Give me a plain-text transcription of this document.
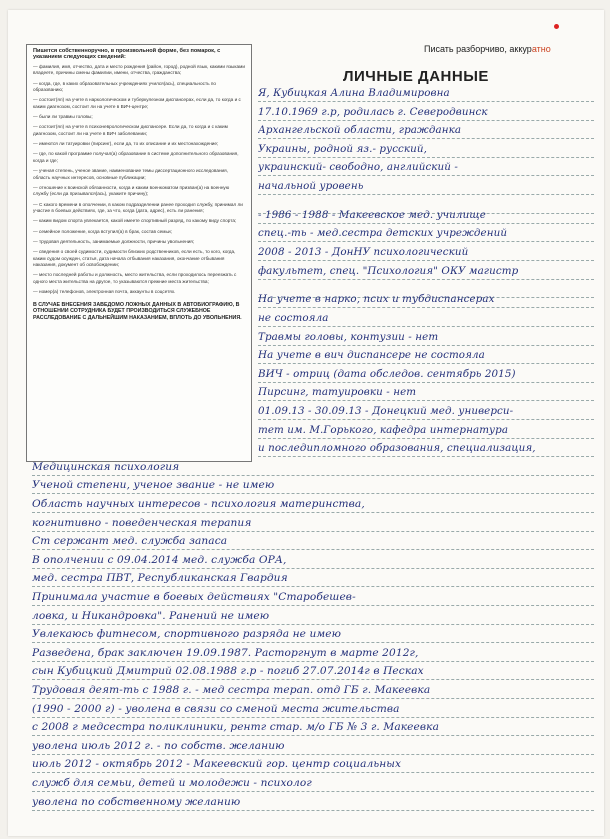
Пишется собственноручно, в произвольной форме, без помарок, с указанием следующих сведений:
— фамилия, имя, отчество, дата и место рождения (район, город), родной язык, какими языками владеете, причины смены фамилии, имени, отчества, гражданства;
— когда, где, в каких образовательных учреждениях учился(ась), специальность по образованию;
— состоит(ял) на учете в наркологическом и туберкулезном диспансерах, если да, то когда и с каким диагнозом, состоит ли на учете в ВИЧ-центре;
— были ли травмы головы;
— состоит(ял) на учете в психоневрологическом диспансере. Если да, то когда и с каким диагнозом, состоит ли на учете в ВИЧ заболевании;
— имеются ли татуировки (пирсинг), если да, то их описание и их местонахождение;
— где, по какой программе получал(а) образование в системе дополнительного образования, когда и где;
— ученая степень, ученое звание, наименование темы диссертационного исследования, область научных интересов, основные публикации;
— отношение к воинской обязанности, когда и каким военкоматом призван(а) на военную службу (если да призывался(ась), укажите причину);
— С какого времени в ополчении, в каком подразделении ранее проходил службу, принимал ли участие в боевых действиях, где, за что, когда (дата, адрес), есть ли ранения;
— каким видом спорта увлекается, какой имеете спортивный разряд, по какому виду спорта;
— семейное положение, когда вступил(а) в брак, состав семьи;
— трудовая деятельность, занимаемые должности, причины увольнения;
— сведения о своей судимости, судимости близких родственников, если есть, то кого, когда, каким судом осужден, статья, дата начала отбывания наказания, окончание отбывания наказания, документ об освобождении;
— место последней работы и должность, место жительства, если проходилось переезжать с одного места жительства на другое, то указываются прежние места жительства;
— номер(а) телефонов, электронная почта, аккаунты в соцсетях.
В СЛУЧАЕ ВНЕСЕНИЯ ЗАВЕДОМО ЛОЖНЫХ ДАННЫХ В АВТОБИОГРАФИЮ, В ОТНОШЕНИИ СОТРУДНИКА БУДЕТ ПРОИЗВОДИТЬСЯ СЛУЖЕБНОЕ РАССЛЕДОВАНИЕ С ДАЛЬНЕЙШИМ НАКАЗАНИЕМ, ВПЛОТЬ ДО УВОЛЬНЕНИЯ.
Писать разборчиво, аккуратно
ЛИЧНЫЕ ДАННЫЕ
Я, Кубицкая Алина Владимировна
17.10.1969 г.р, родилась г. Северодвинск
Архангельской области, гражданка
Украины, родной яз.- русский,
украинский- свободно, английский -
начальной уровень
- 1986 - 1988 - Макеевское мед. училище
спец.-ть - мед.сестра детских учреждений
2008 - 2013 - ДонНУ психологический
факультет, спец. "Психология" ОКУ магистр
На учете в нарко, псих и тубдиспансерах
не состояла
Травмы головы, контузии - нет
На учете в вич диспансере не состояла
ВИЧ - отриц (дата обследов. сентябрь 2015)
Пирсинг, татуировки - нет
01.09.13 - 30.09.13 - Донецкий мед. универси-
тет им. М.Горького, кафедра интернатура
и последипломного образования, специализация,
Медицинская психология
Ученой степени, ученое звание - не имею
Область научных интересов - психология материнства,
когнитивно - поведенческая терапия
Ст сержант мед. служба запаса
В ополчении с 09.04.2014 мед. служба ОРА,
мед. сестра ПВТ, Республиканская Гвардия
Принимала участие в боевых действиях "Старобешев-
ловка, и Никандровка". Ранений не имею
Увлекаюсь фитнесом, спортивного разряда не имею
Разведена, брак заключен 19.09.1987. Расторгнут в марте 2012г,
сын Кубицкий Дмитрий 02.08.1988 г.р - погиб 27.07.2014г в Песках
Трудовая деят-ть с 1988 г. - мед сестра терап. отд ГБ г. Макеевка
(1990 - 2000 г) - уволена в связи со сменой места жительства
с 2008 г медсестра поликлиники, рентг стар. м/о ГБ № 3 г. Макеевка
уволена июль 2012 г. - по собств. желанию
июль 2012 - октябрь 2012 - Макеевский гор. центр социальных
служб для семьи, детей и молодежи - психолог
уволена по собственному желанию
